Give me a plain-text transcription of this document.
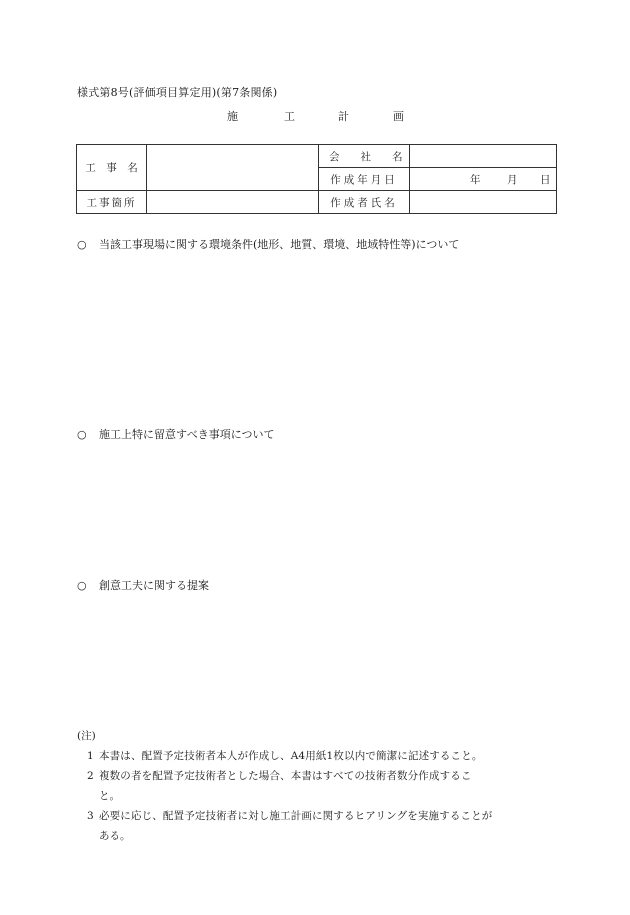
様式第8号(評価項目算定用)(第7条関係)
施	工	計	画
工　事　名		会　　社　　名	

		作成年月日	年 月 日

工事箇所		作成者氏名	
○ 当該工事現場に関する環境条件(地形、地質、環境、地域特性等)について
○ 施工上特に留意すべき事項について
○ 創意工夫に関する提案
(注)
1 本書は、配置予定技術者本人が作成し、A4用紙1枚以内で簡潔に記述すること。
2 複数の者を配置予定技術者とした場合、本書はすべての技術者数分作成するこ
と。
3 必要に応じ、配置予定技術者に対し施工計画に関するヒアリングを実施することが
ある。
